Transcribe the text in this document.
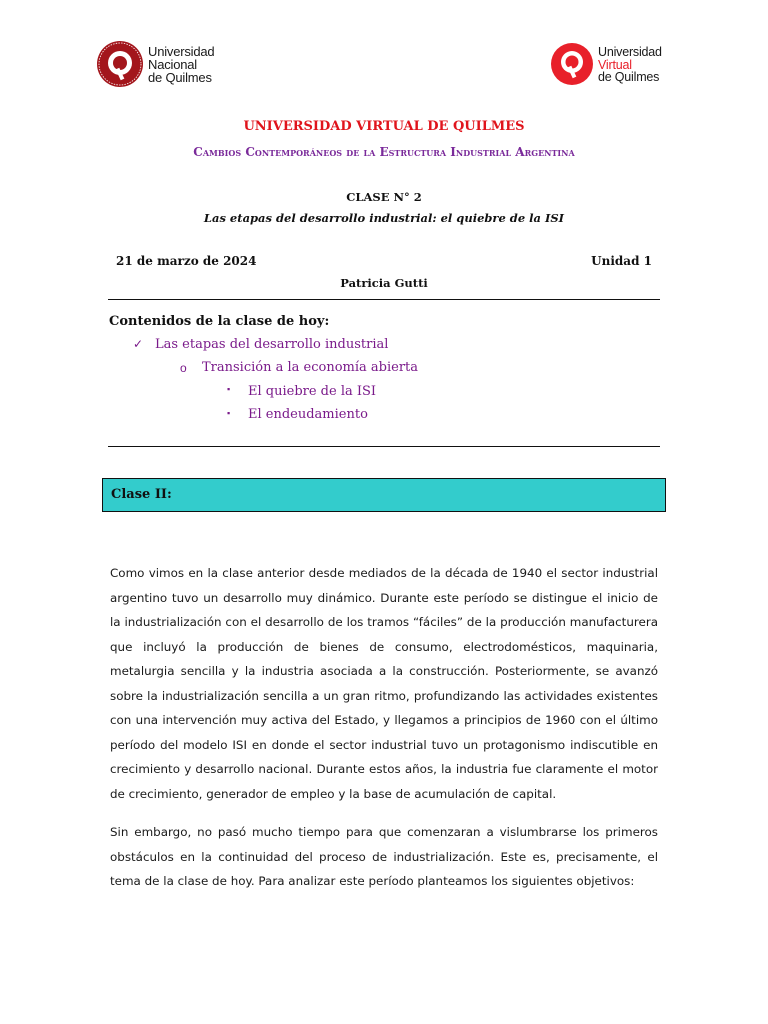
Universidad
Nacional
de Quilmes
Universidad
Virtual
de Quilmes
UNIVERSIDAD VIRTUAL DE QUILMES
Cambios Contemporáneos de la Estructura Industrial Argentina
CLASE N° 2
Las etapas del desarrollo industrial: el quiebre de la ISI
21 de marzo de 2024	Unidad 1
Patricia Gutti
Contenidos de la clase de hoy:
✓ Las etapas del desarrollo industrial
o Transición a la economía abierta
▪ El quiebre de la ISI
▪ El endeudamiento
Clase II:
Como vimos en la clase anterior desde mediados de la década de 1940 el sector industrial argentino tuvo un desarrollo muy dinámico. Durante este período se distingue el inicio de la industrialización con el desarrollo de los tramos “fáciles” de la producción manufacturera que incluyó la producción de bienes de consumo, electrodomésticos, maquinaria, metalurgia sencilla y la industria asociada a la construcción. Posteriormente, se avanzó sobre la industrialización sencilla a un gran ritmo, profundizando las actividades existentes con una intervención muy activa del Estado, y llegamos a principios de 1960 con el último período del modelo ISI en donde el sector industrial tuvo un protagonismo indiscutible en crecimiento y desarrollo nacional. Durante estos años, la industria fue claramente el motor de crecimiento, generador de empleo y la base de acumulación de capital.
Sin embargo, no pasó mucho tiempo para que comenzaran a vislumbrarse los primeros obstáculos en la continuidad del proceso de industrialización. Este es, precisamente, el tema de la clase de hoy. Para analizar este período planteamos los siguientes objetivos:
